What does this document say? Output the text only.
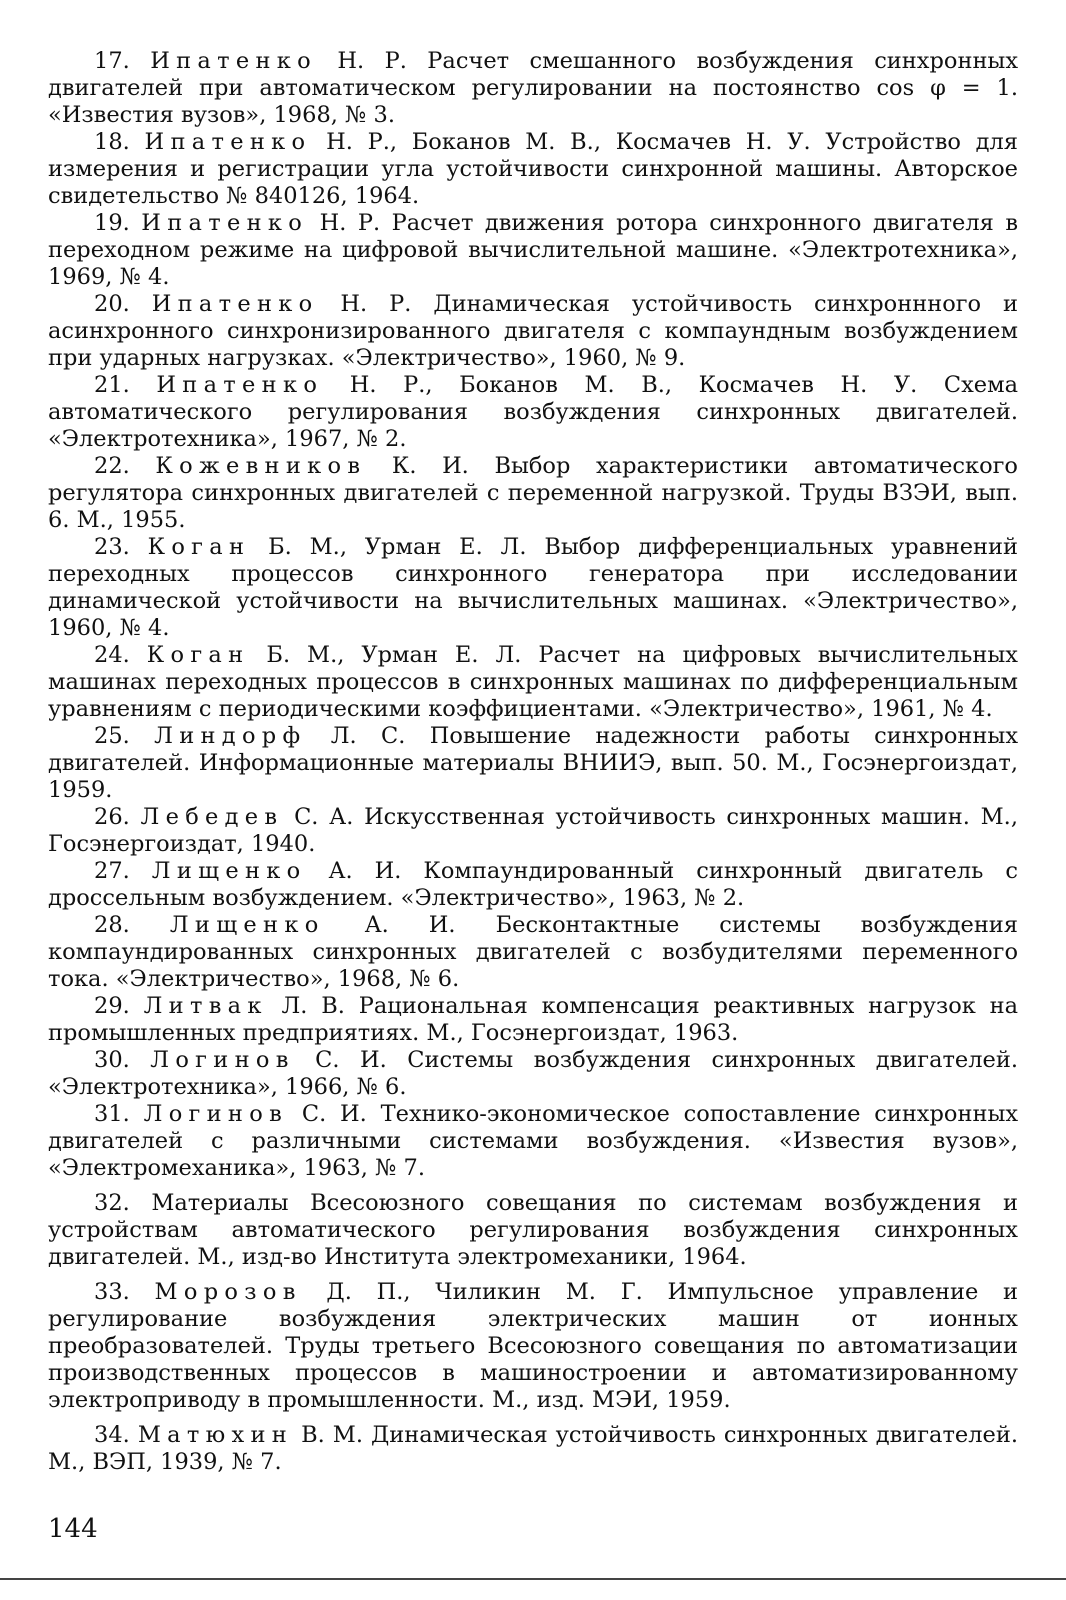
17. Ипатенко Н. Р. Расчет смешанного возбуждения синхронных двигателей при автоматическом регулировании на постоянство cos φ = 1. «Известия вузов», 1968, № 3.

18. Ипатенко Н. Р., Боканов М. В., Космачев Н. У. Устройство для измерения и регистрации угла устойчивости синхронной машины. Авторское свидетельство № 840126, 1964.

19. Ипатенко Н. Р. Расчет движения ротора синхронного двигателя в переходном режиме на цифровой вычислительной машине. «Электротехника», 1969, № 4.

20. Ипатенко Н. Р. Динамическая устойчивость синхроннного и асинхронного синхронизированного двигателя с компаундным возбуждением при ударных нагрузках. «Электричество», 1960, № 9.

21. Ипатенко Н. Р., Боканов М. В., Космачев Н. У. Схема автоматического регулирования возбуждения синхронных двигателей. «Электротехника», 1967, № 2.

22. Кожевников К. И. Выбор характеристики автоматического регулятора синхронных двигателей с переменной нагрузкой. Труды ВЗЭИ, вып. 6. М., 1955.

23. Коган Б. М., Урман Е. Л. Выбор дифференциальных уравнений переходных процессов синхронного генератора при исследовании динамической устойчивости на вычислительных машинах. «Электричество», 1960, № 4.

24. Коган Б. М., Урман Е. Л. Расчет на цифровых вычислительных машинах переходных процессов в синхронных машинах по дифференциальным уравнениям с периодическими коэффициентами. «Электричество», 1961, № 4.

25. Линдорф Л. С. Повышение надежности работы синхронных двигателей. Информационные материалы ВНИИЭ, вып. 50. М., Госэнергоиздат, 1959.

26. Лебедев С. А. Искусственная устойчивость синхронных машин. М., Госэнергоиздат, 1940.

27. Лищенко А. И. Компаундированный синхронный двигатель с дроссельным возбуждением. «Электричество», 1963, № 2.

28. Лищенко А. И. Бесконтактные системы возбуждения компаундированных синхронных двигателей с возбудителями переменного тока. «Электричество», 1968, № 6.

29. Литвак Л. В. Рациональная компенсация реактивных нагрузок на промышленных предприятиях. М., Госэнергоиздат, 1963.

30. Логинов С. И. Системы возбуждения синхронных двигателей. «Электротехника», 1966, № 6.

31. Логинов С. И. Технико-экономическое сопоставление синхронных двигателей с различными системами возбуждения. «Известия вузов», «Электромеханика», 1963, № 7.

32. Материалы Всесоюзного совещания по системам возбуждения и устройствам автоматического регулирования возбуждения синхронных двигателей. М., изд-во Института электромеханики, 1964.

33. Морозов Д. П., Чиликин М. Г. Импульсное управление и регулирование возбуждения электрических машин от ионных преобразователей. Труды третьего Всесоюзного совещания по автоматизации производственных процессов в машиностроении и автоматизированному электроприводу в промышленности. М., изд. МЭИ, 1959.

34. Матюхин В. М. Динамическая устойчивость синхронных двигателей. М., ВЭП, 1939, № 7.

144
